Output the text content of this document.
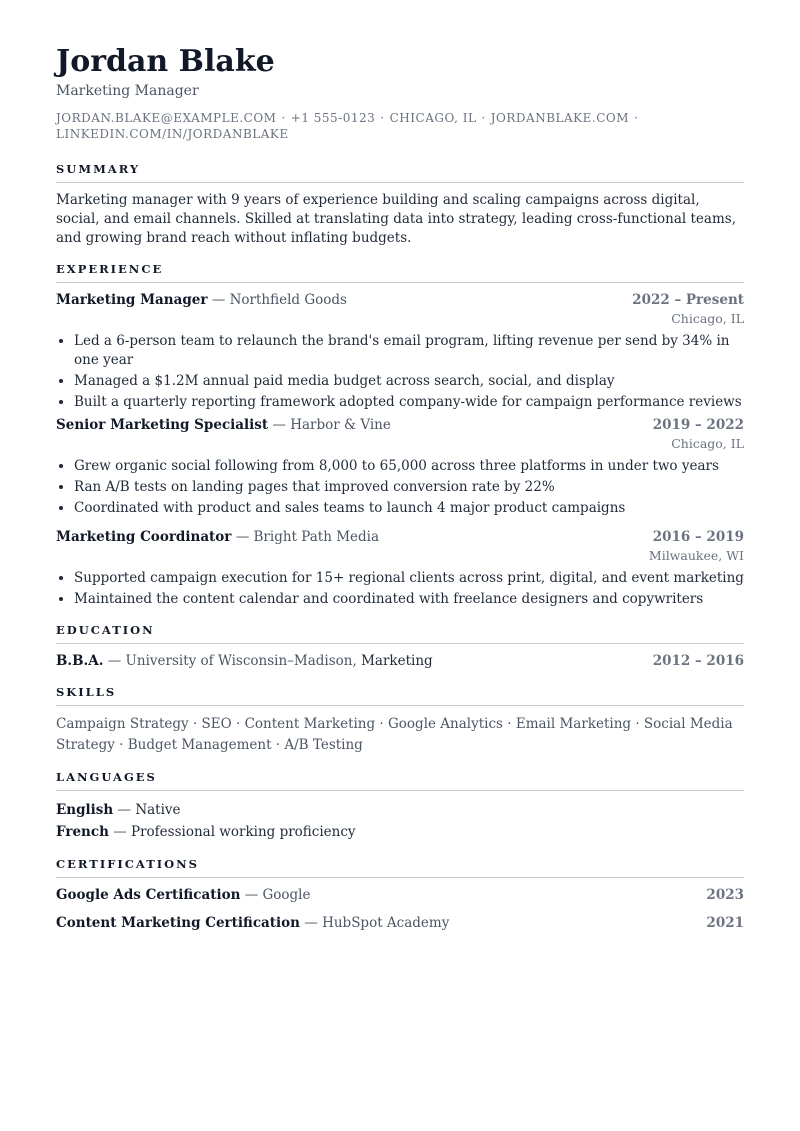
Jordan Blake
Marketing Manager
JORDAN.BLAKE@EXAMPLE.COM · +1 555-0123 · CHICAGO, IL · JORDANBLAKE.COM ·
LINKEDIN.COM/IN/JORDANBLAKE
SUMMARY

Marketing manager with 9 years of experience building and scaling campaigns across digital, social, and email channels. Skilled at translating data into strategy, leading cross-functional teams, and growing brand reach without inflating budgets.

EXPERIENCE
Marketing Manager — Northfield Goods	2022 – Present
Chicago, IL
• Led a 6-person team to relaunch the brand's email program, lifting revenue per send by 34% in one year
• Managed a $1.2M annual paid media budget across search, social, and display
• Built a quarterly reporting framework adopted company-wide for campaign performance reviews
Senior Marketing Specialist — Harbor & Vine	2019 – 2022
Chicago, IL
• Grew organic social following from 8,000 to 65,000 across three platforms in under two years
• Ran A/B tests on landing pages that improved conversion rate by 22%
• Coordinated with product and sales teams to launch 4 major product campaigns
Marketing Coordinator — Bright Path Media	2016 – 2019
Milwaukee, WI
• Supported campaign execution for 15+ regional clients across print, digital, and event marketing
• Maintained the content calendar and coordinated with freelance designers and copywriters
EDUCATION
B.B.A. — University of Wisconsin–Madison, Marketing	2012 – 2016
SKILLS
Campaign Strategy · SEO · Content Marketing · Google Analytics · Email Marketing · Social Media Strategy · Budget Management · A/B Testing
LANGUAGES
English — Native
French — Professional working proficiency
CERTIFICATIONS
Google Ads Certification — Google	2023
Content Marketing Certification — HubSpot Academy	2021
